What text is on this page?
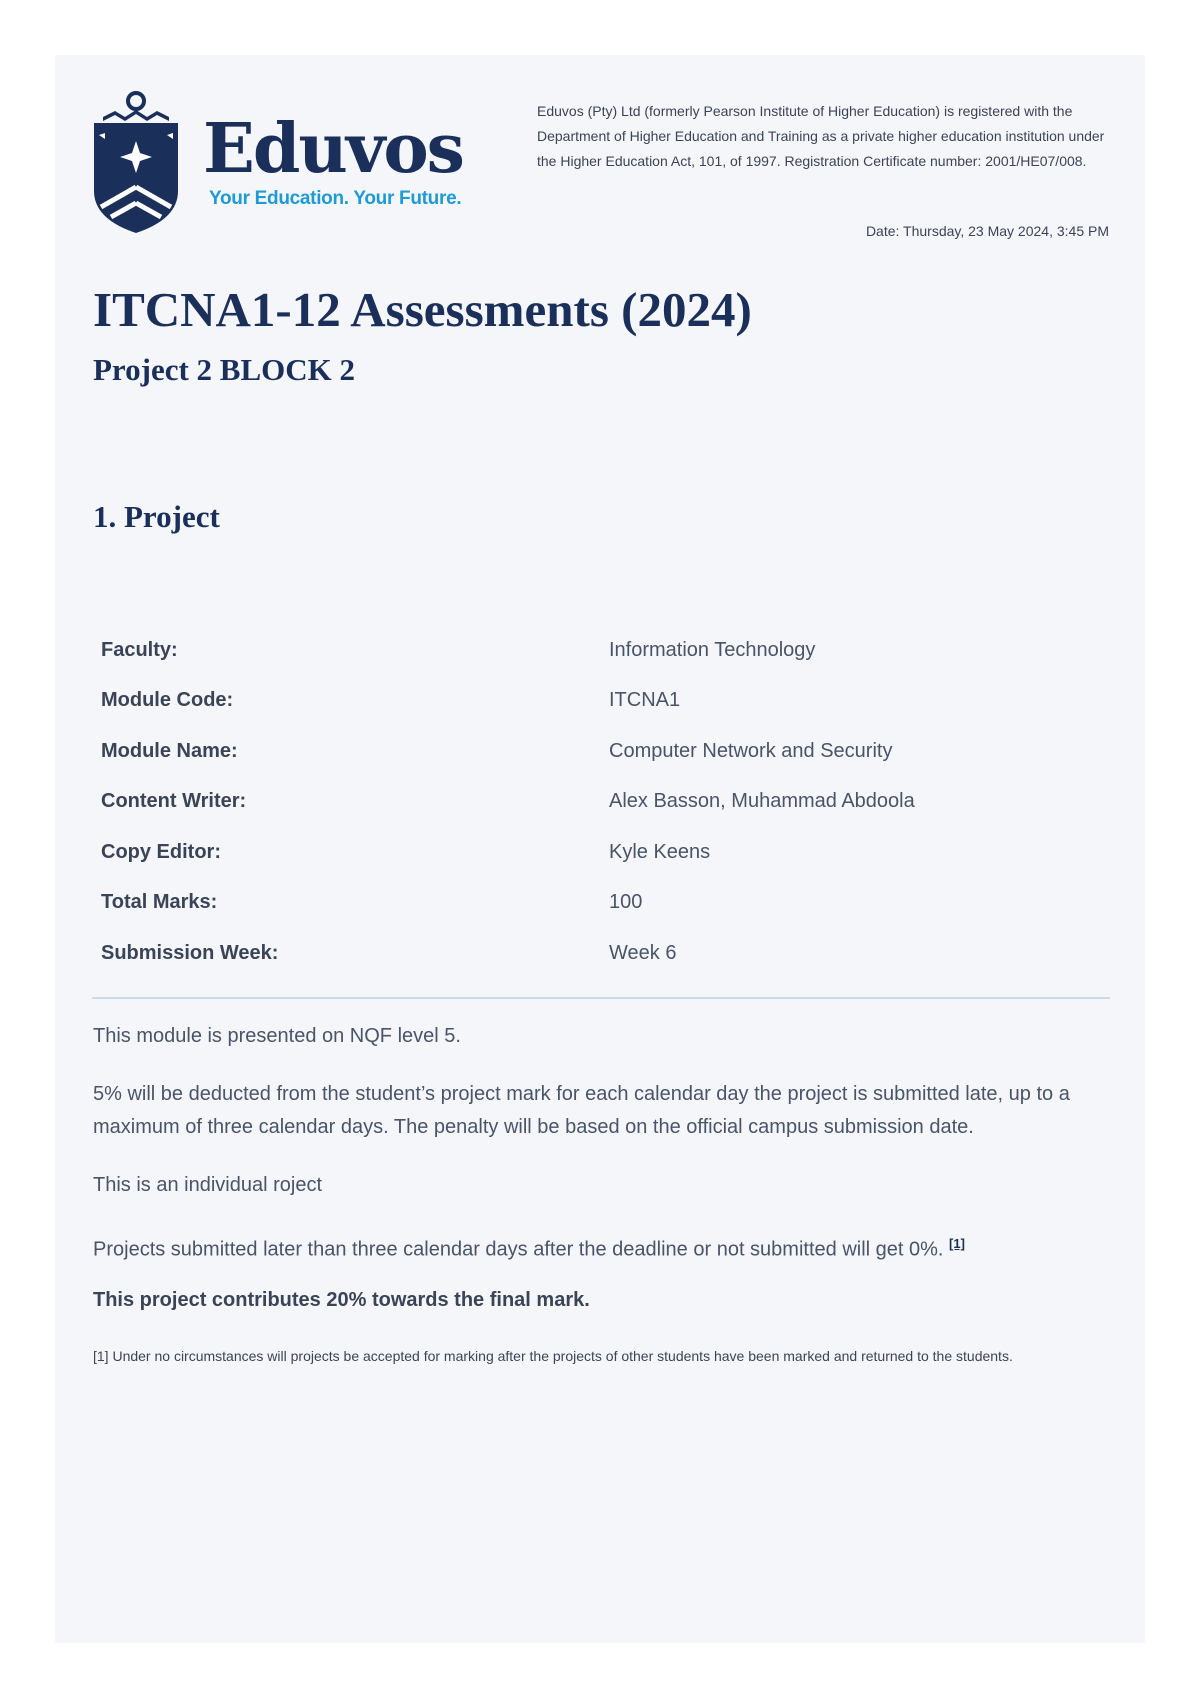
Eduvos
Your Education. Your Future.
Eduvos (Pty) Ltd (formerly Pearson Institute of Higher Education) is registered with the Department of Higher Education and Training as a private higher education institution under the Higher Education Act, 101, of 1997. Registration Certificate number: 2001/HE07/008.
Date: Thursday, 23 May 2024, 3:45 PM
ITCNA1-12 Assessments (2024)
Project 2 BLOCK 2
1. Project
Faculty:	Information Technology
Module Code:	ITCNA1
Module Name:	Computer Network and Security
Content Writer:	Alex Basson, Muhammad Abdoola
Copy Editor:	Kyle Keens
Total Marks:	100
Submission Week:	Week 6

This module is presented on NQF level 5.

5% will be deducted from the student’s project mark for each calendar day the project is submitted late, up to a maximum of three calendar days. The penalty will be based on the official campus submission date.

This is an individual roject

Projects submitted later than three calendar days after the deadline or not submitted will get 0%. [1]

This project contributes 20% towards the final mark.

[1] Under no circumstances will projects be accepted for marking after the projects of other students have been marked and returned to the students.
